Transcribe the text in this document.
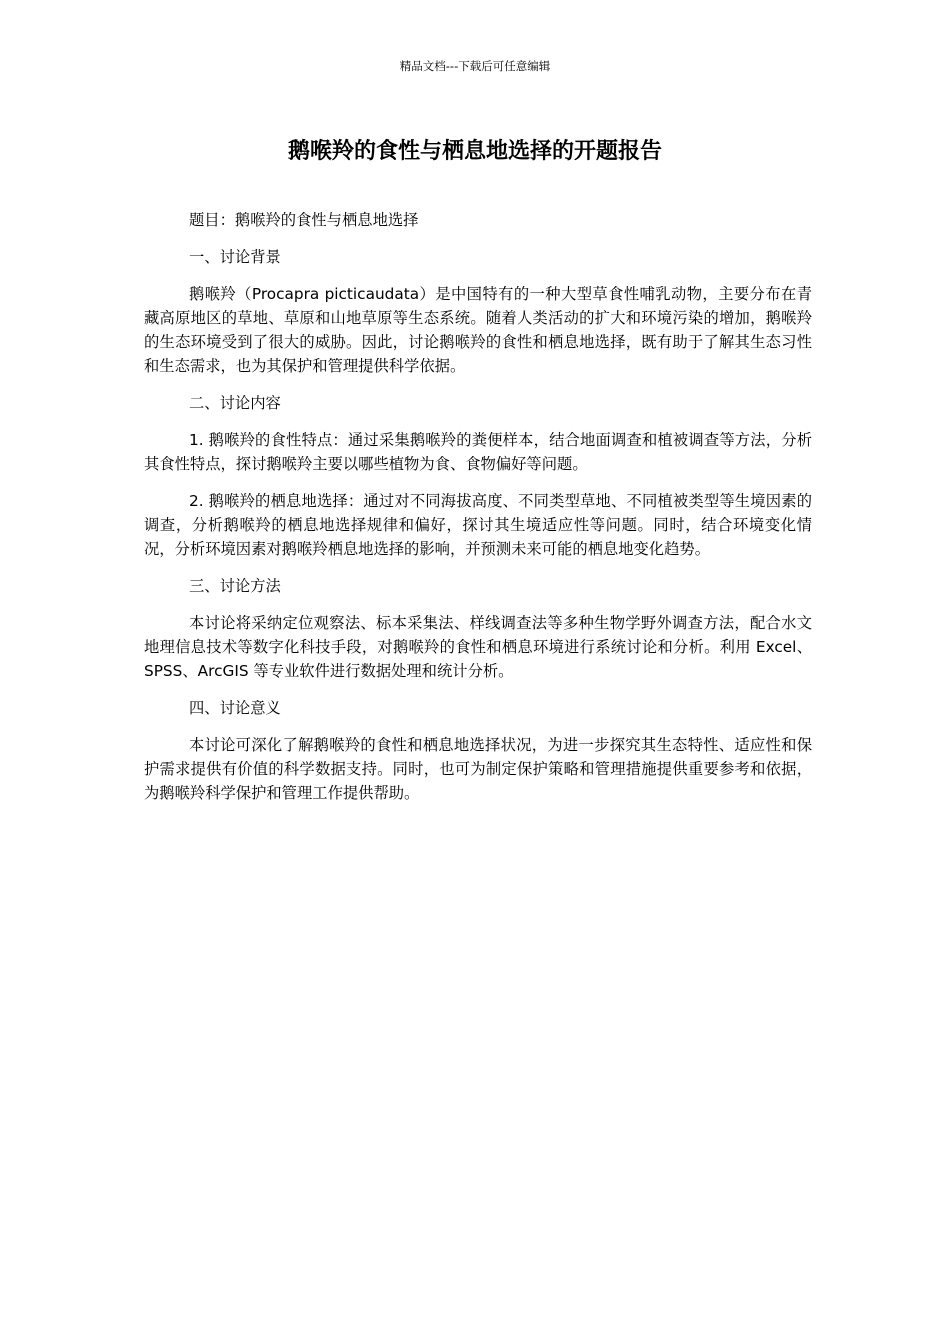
精品文档---下载后可任意编辑
鹅喉羚的食性与栖息地选择的开题报告

题目：鹅喉羚的食性与栖息地选择

一、讨论背景

鹅喉羚（Procapra picticaudata）是中国特有的一种大型草食性哺乳动物，主要分布在青藏高原地区的草地、草原和山地草原等生态系统。随着人类活动的扩大和环境污染的增加，鹅喉羚的生态环境受到了很大的威胁。因此，讨论鹅喉羚的食性和栖息地选择，既有助于了解其生态习性和生态需求，也为其保护和管理提供科学依据。

二、讨论内容

1. 鹅喉羚的食性特点：通过采集鹅喉羚的粪便样本，结合地面调查和植被调查等方法，分析其食性特点，探讨鹅喉羚主要以哪些植物为食、食物偏好等问题。

2. 鹅喉羚的栖息地选择：通过对不同海拔高度、不同类型草地、不同植被类型等生境因素的调查，分析鹅喉羚的栖息地选择规律和偏好，探讨其生境适应性等问题。同时，结合环境变化情况，分析环境因素对鹅喉羚栖息地选择的影响，并预测未来可能的栖息地变化趋势。

三、讨论方法

本讨论将采纳定位观察法、标本采集法、样线调查法等多种生物学野外调查方法，配合水文地理信息技术等数字化科技手段，对鹅喉羚的食性和栖息环境进行系统讨论和分析。利用 Excel、SPSS、ArcGIS 等专业软件进行数据处理和统计分析。

四、讨论意义

本讨论可深化了解鹅喉羚的食性和栖息地选择状况，为进一步探究其生态特性、适应性和保护需求提供有价值的科学数据支持。同时，也可为制定保护策略和管理措施提供重要参考和依据，为鹅喉羚科学保护和管理工作提供帮助。
